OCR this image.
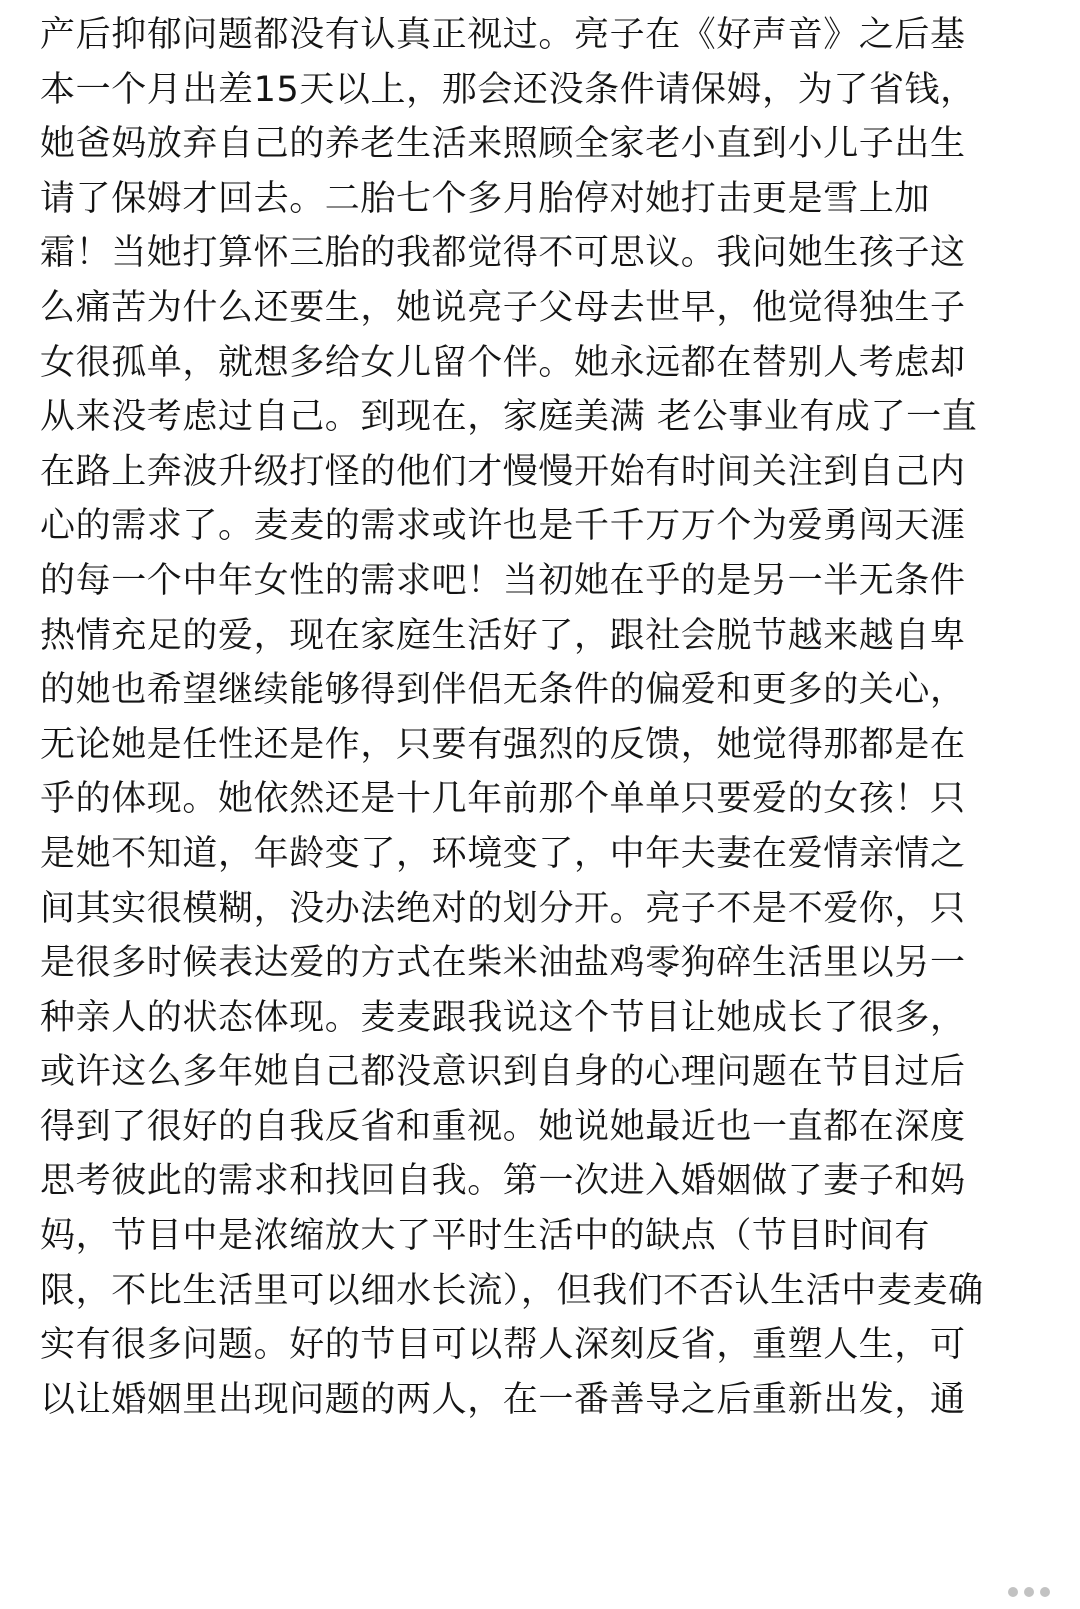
产后抑郁问题都没有认真正视过。亮子在《好声音》之后基
本一个月出差15天以上，那会还没条件请保姆，为了省钱，
她爸妈放弃自己的养老生活来照顾全家老小直到小儿子出生
请了保姆才回去。二胎七个多月胎停对她打击更是雪上加
霜！当她打算怀三胎的我都觉得不可思议。我问她生孩子这
么痛苦为什么还要生，她说亮子父母去世早，他觉得独生子
女很孤单，就想多给女儿留个伴。她永远都在替别人考虑却
从来没考虑过自己。到现在，家庭美满 老公事业有成了一直
在路上奔波升级打怪的他们才慢慢开始有时间关注到自己内
心的需求了。麦麦的需求或许也是千千万万个为爱勇闯天涯
的每一个中年女性的需求吧！当初她在乎的是另一半无条件
热情充足的爱，现在家庭生活好了，跟社会脱节越来越自卑
的她也希望继续能够得到伴侣无条件的偏爱和更多的关心，
无论她是任性还是作，只要有强烈的反馈，她觉得那都是在
乎的体现。她依然还是十几年前那个单单只要爱的女孩！只
是她不知道，年龄变了，环境变了，中年夫妻在爱情亲情之
间其实很模糊，没办法绝对的划分开。亮子不是不爱你，只
是很多时候表达爱的方式在柴米油盐鸡零狗碎生活里以另一
种亲人的状态体现。麦麦跟我说这个节目让她成长了很多，
或许这么多年她自己都没意识到自身的心理问题在节目过后
得到了很好的自我反省和重视。她说她最近也一直都在深度
思考彼此的需求和找回自我。第一次进入婚姻做了妻子和妈
妈，节目中是浓缩放大了平时生活中的缺点（节目时间有
限，不比生活里可以细水长流），但我们不否认生活中麦麦确
实有很多问题。好的节目可以帮人深刻反省，重塑人生，可
以让婚姻里出现问题的两人，在一番善导之后重新出发，通
